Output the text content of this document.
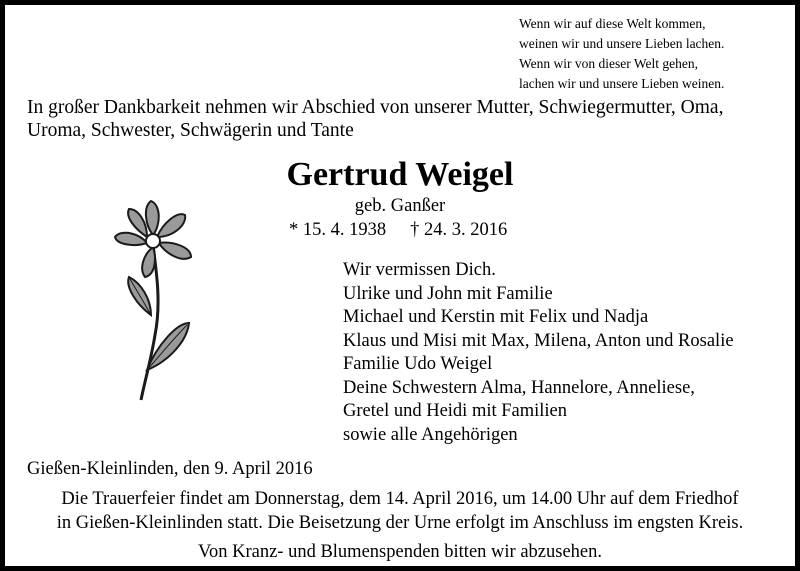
Wenn wir auf diese Welt kommen,
weinen wir und unsere Lieben lachen.
Wenn wir von dieser Welt gehen,
lachen wir und unsere Lieben weinen.
In großer Dankbarkeit nehmen wir Abschied von unserer Mutter, Schwiegermutter, Oma,
Uroma, Schwester, Schwägerin und Tante
Gertrud Weigel
geb. Ganßer
* 15. 4. 1938 † 24. 3. 2016
Wir vermissen Dich.
Ulrike und John mit Familie
Michael und Kerstin mit Felix und Nadja
Klaus und Misi mit Max, Milena, Anton und Rosalie
Familie Udo Weigel
Deine Schwestern Alma, Hannelore, Anneliese,
Gretel und Heidi mit Familien
sowie alle Angehörigen
Gießen-Kleinlinden, den 9. April 2016
Die Trauerfeier findet am Donnerstag, dem 14. April 2016, um 14.00 Uhr auf dem Friedhof
in Gießen-Kleinlinden statt. Die Beisetzung der Urne erfolgt im Anschluss im engsten Kreis.
Von Kranz- und Blumenspenden bitten wir abzusehen.
